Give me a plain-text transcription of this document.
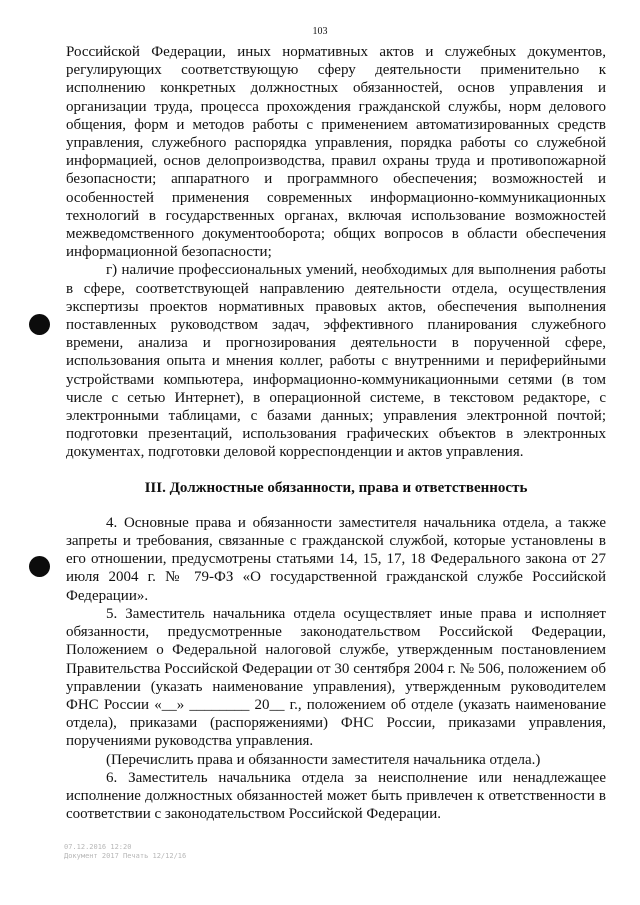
103

Российской Федерации, иных нормативных актов и служебных документов, регулирующих соответствующую сферу деятельности применительно к исполнению конкретных должностных обязанностей, основ управления и организации труда, процесса прохождения гражданской службы, норм делового общения, форм и методов работы с применением автоматизированных средств управления, служебного распорядка управления, порядка работы со служебной информацией, основ делопроизводства, правил охраны труда и противопожарной безопасности; аппаратного и программного обеспечения; возможностей и особенностей применения современных информационно-коммуникационных технологий в государственных органах, включая использование возможностей межведомственного документооборота; общих вопросов в области обеспечения информационной безопасности;

г) наличие профессиональных умений, необходимых для выполнения работы в сфере, соответствующей направлению деятельности отдела, осуществления экспертизы проектов нормативных правовых актов, обеспечения выполнения поставленных руководством задач, эффективного планирования служебного времени, анализа и прогнозирования деятельности в порученной сфере, использования опыта и мнения коллег, работы с внутренними и периферийными устройствами компьютера, информационно-коммуникационными сетями (в том числе с сетью Интернет), в операционной системе, в текстовом редакторе, с электронными таблицами, с базами данных; управления электронной почтой; подготовки презентаций, использования графических объектов в электронных документах, подготовки деловой корреспонденции и актов управления.

III. Должностные обязанности, права и ответственность

4. Основные права и обязанности заместителя начальника отдела, а также запреты и требования, связанные с гражданской службой, которые установлены в его отношении, предусмотрены статьями 14, 15, 17, 18 Федерального закона от 27 июля 2004 г. № 79-ФЗ «О государственной гражданской службе Российской Федерации».

5. Заместитель начальника отдела осуществляет иные права и исполняет обязанности, предусмотренные законодательством Российской Федерации, Положением о Федеральной налоговой службе, утвержденным постановлением Правительства Российской Федерации от 30 сентября 2004 г. № 506, положением об управлении (указать наименование управления), утвержденным руководителем ФНС России «__» ________ 20__ г., положением об отделе (указать наименование отдела), приказами (распоряжениями) ФНС России, приказами управления, поручениями руководства управления.

(Перечислить права и обязанности заместителя начальника отдела.)

6. Заместитель начальника отдела за неисполнение или ненадлежащее исполнение должностных обязанностей может быть привлечен к ответственности в соответствии с законодательством Российской Федерации.

07.12.2016 12:20
Документ 2017 Печать 12/12/16
